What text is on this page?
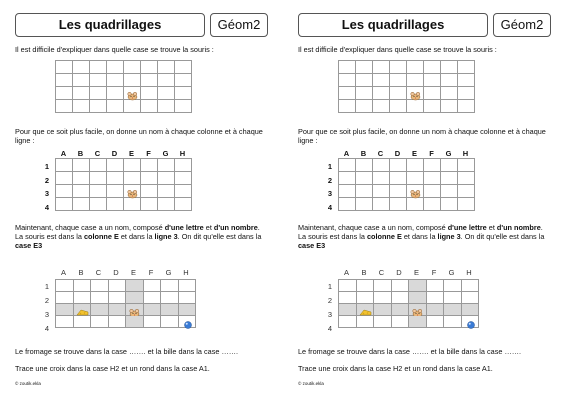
Les quadrillages	Géom2
Il est difficile d'expliquer dans quelle case se trouve la souris :

Pour que ce soit plus facile, on donne un nom à chaque colonne et à chaque ligne :
A	B	C	D	E	F	G	H
1
2
3
4

Maintenant, chaque case a un nom, composé d'une lettre et d'un nombre.
La souris est dans la colonne E et dans la ligne 3. On dit qu'elle est dans la case E3
A	B	C	D	E	F	G	H
1
2
3
4

Le fromage se trouve dans la case ……. et la bille dans la case …….
Trace une croix dans la case H2 et un rond dans la case A1.
© zoutik.ekla
Les quadrillages	Géom2
Il est difficile d'expliquer dans quelle case se trouve la souris :

Pour que ce soit plus facile, on donne un nom à chaque colonne et à chaque ligne :
A	B	C	D	E	F	G	H
1
2
3
4

Maintenant, chaque case a un nom, composé d'une lettre et d'un nombre.
La souris est dans la colonne E et dans la ligne 3. On dit qu'elle est dans la case E3
A	B	C	D	E	F	G	H
1
2
3
4

Le fromage se trouve dans la case ……. et la bille dans la case …….
Trace une croix dans la case H2 et un rond dans la case A1.
© zoutik.ekla
